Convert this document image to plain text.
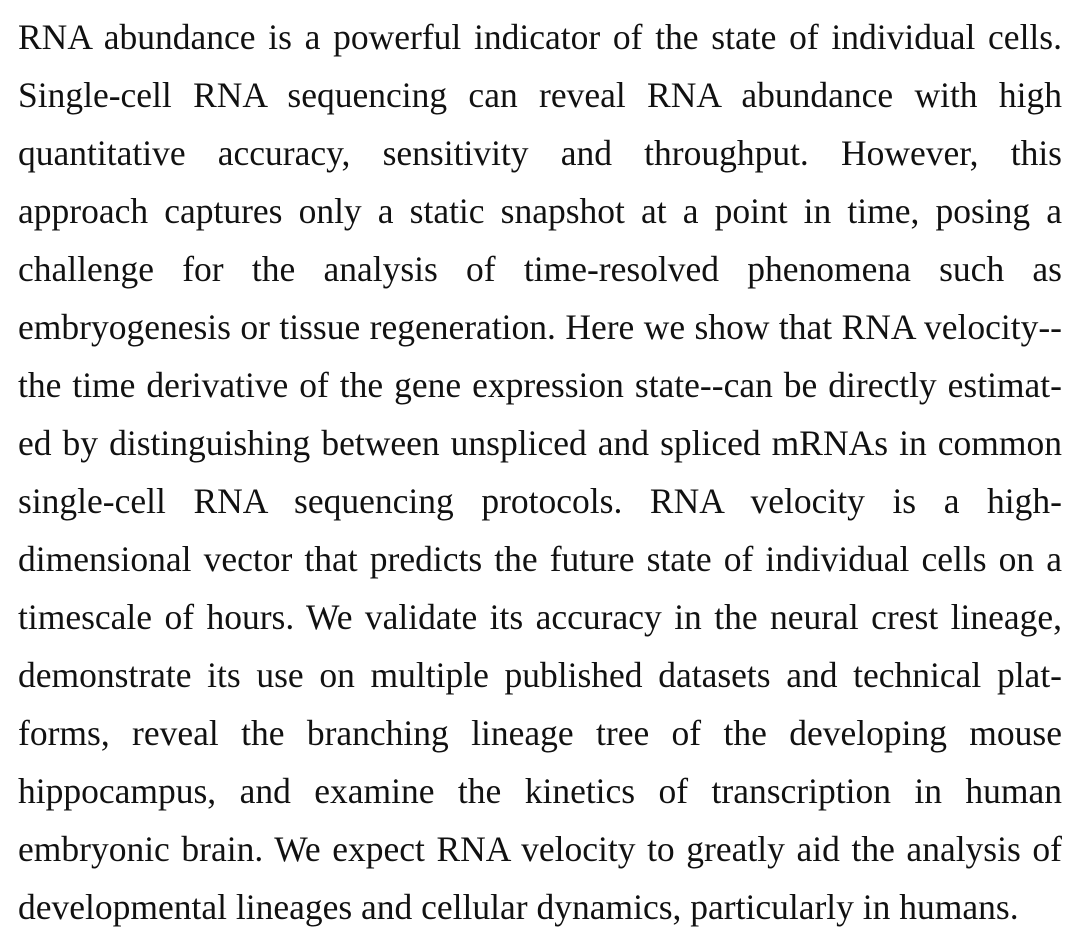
RNA abundance is a powerful indicator of the state of individual cells.
Single-cell RNA sequencing can reveal RNA abundance with high
quantitative accuracy, sensitivity and throughput. However, this
approach captures only a static snapshot at a point in time, posing a
challenge for the analysis of time-resolved phenomena such as
embryogenesis or tissue regeneration. Here we show that RNA velocity--
the time derivative of the gene expression state--can be directly estimat-
ed by distinguishing between unspliced and spliced mRNAs in common
single-cell RNA sequencing protocols. RNA velocity is a high-
dimensional vector that predicts the future state of individual cells on a
timescale of hours. We validate its accuracy in the neural crest lineage,
demonstrate its use on multiple published datasets and technical plat-
forms, reveal the branching lineage tree of the developing mouse
hippocampus, and examine the kinetics of transcription in human
embryonic brain. We expect RNA velocity to greatly aid the analysis of
developmental lineages and cellular dynamics, particularly in humans.
